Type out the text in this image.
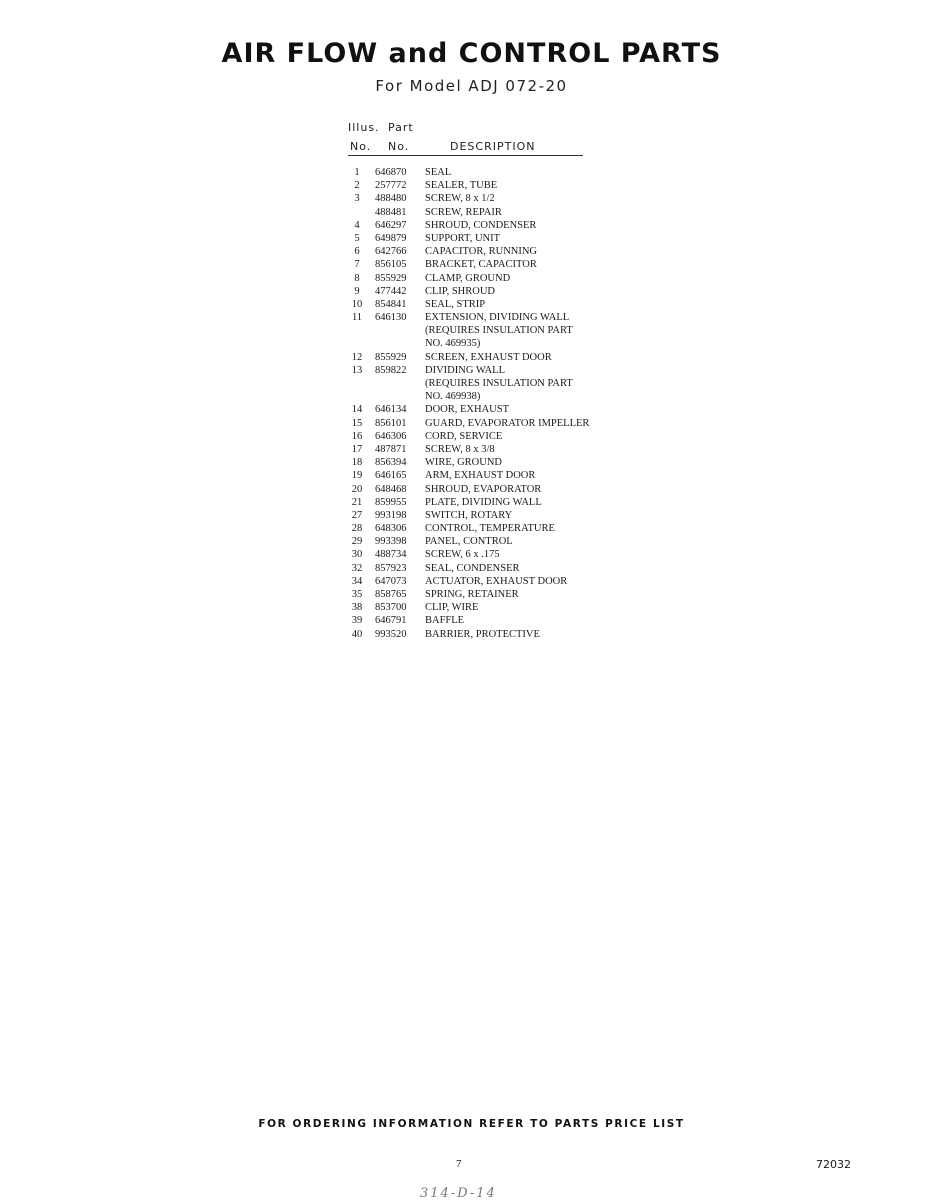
AIR FLOW and CONTROL PARTS
For Model ADJ 072-20
Illus. Part
No. No.	DESCRIPTION
1	646870 SEAL
2	257772 SEALER, TUBE
3	488480 SCREW, 8 x 1/2
488481 SCREW, REPAIR
4	646297 SHROUD, CONDENSER
5	649879 SUPPORT, UNIT
6	642766 CAPACITOR, RUNNING
7	856105 BRACKET, CAPACITOR
8	855929 CLAMP, GROUND
9	477442 CLIP, SHROUD
10	854841 SEAL, STRIP
11	646130 EXTENSION, DIVIDING WALL
(REQUIRES INSULATION PART
NO. 469935)
12	855929 SCREEN, EXHAUST DOOR
13	859822 DIVIDING WALL
(REQUIRES INSULATION PART
NO. 469938)
14	646134 DOOR, EXHAUST
15	856101 GUARD, EVAPORATOR IMPELLER
16	646306 CORD, SERVICE
17	487871 SCREW, 8 x 3/8
18	856394 WIRE, GROUND
19	646165 ARM, EXHAUST DOOR
20	648468 SHROUD, EVAPORATOR
21	859955 PLATE, DIVIDING WALL
27	993198 SWITCH, ROTARY
28	648306 CONTROL, TEMPERATURE
29	993398 PANEL, CONTROL
30	488734 SCREW, 6 x .175
32	857923 SEAL, CONDENSER
34	647073 ACTUATOR, EXHAUST DOOR
35	858765 SPRING, RETAINER
38	853700 CLIP, WIRE
39	646791 BAFFLE
40	993520 BARRIER, PROTECTIVE
FOR ORDERING INFORMATION REFER TO PARTS PRICE LIST
7	72032
314-D-14
